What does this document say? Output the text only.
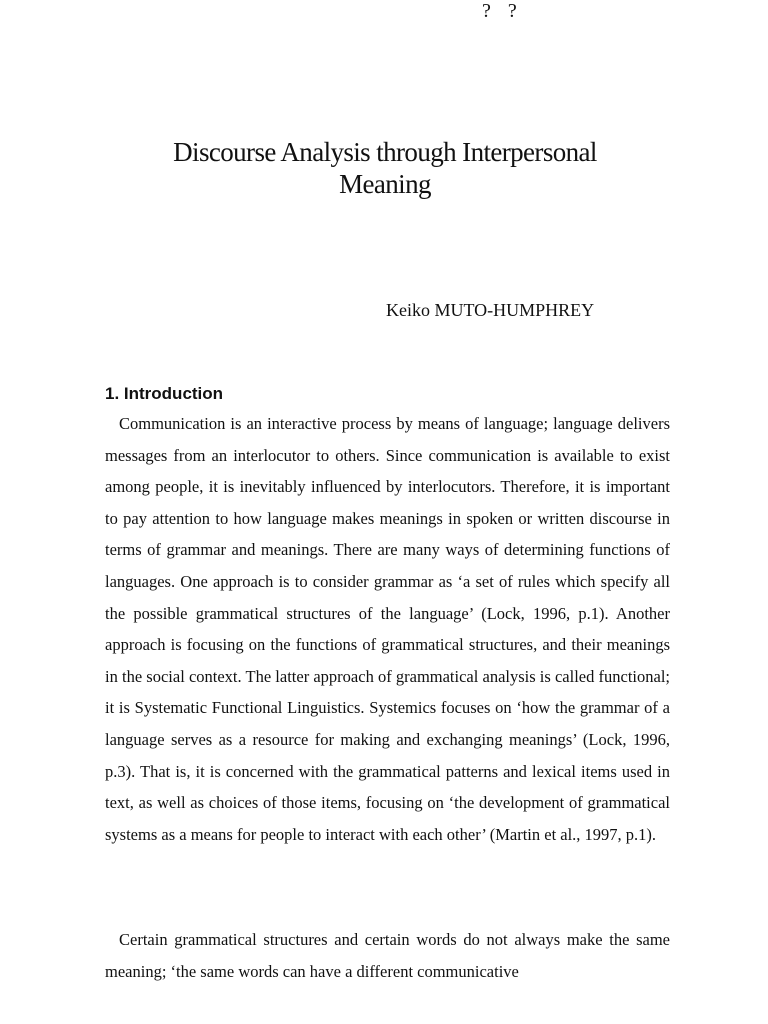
? ?
Discourse Analysis through Interpersonal
Meaning
Keiko MUTO-HUMPHREY
1. Introduction

Communication is an interactive process by means of language; language delivers messages from an interlocutor to others. Since communication is available to exist among people, it is inevitably influenced by interlocutors. Therefore, it is important to pay attention to how language makes meanings in spoken or written discourse in terms of grammar and meanings. There are many ways of determining functions of languages. One approach is to consider grammar as ‘a set of rules which specify all the possible grammatical structures of the language’ (Lock, 1996, p.1). Another approach is focusing on the functions of grammatical structures, and their meanings in the social context. The latter approach of grammatical analysis is called functional; it is Systematic Functional Linguistics. Systemics focuses on ‘how the grammar of a language serves as a resource for making and exchanging meanings’ (Lock, 1996, p.3). That is, it is concerned with the grammatical patterns and lexical items used in text, as well as choices of those items, focusing on ‘the development of grammatical systems as a means for people to interact with each other’ (Martin et al., 1997, p.1).

Certain grammatical structures and certain words do not always make the same meaning; ‘the same words can have a different communicative
